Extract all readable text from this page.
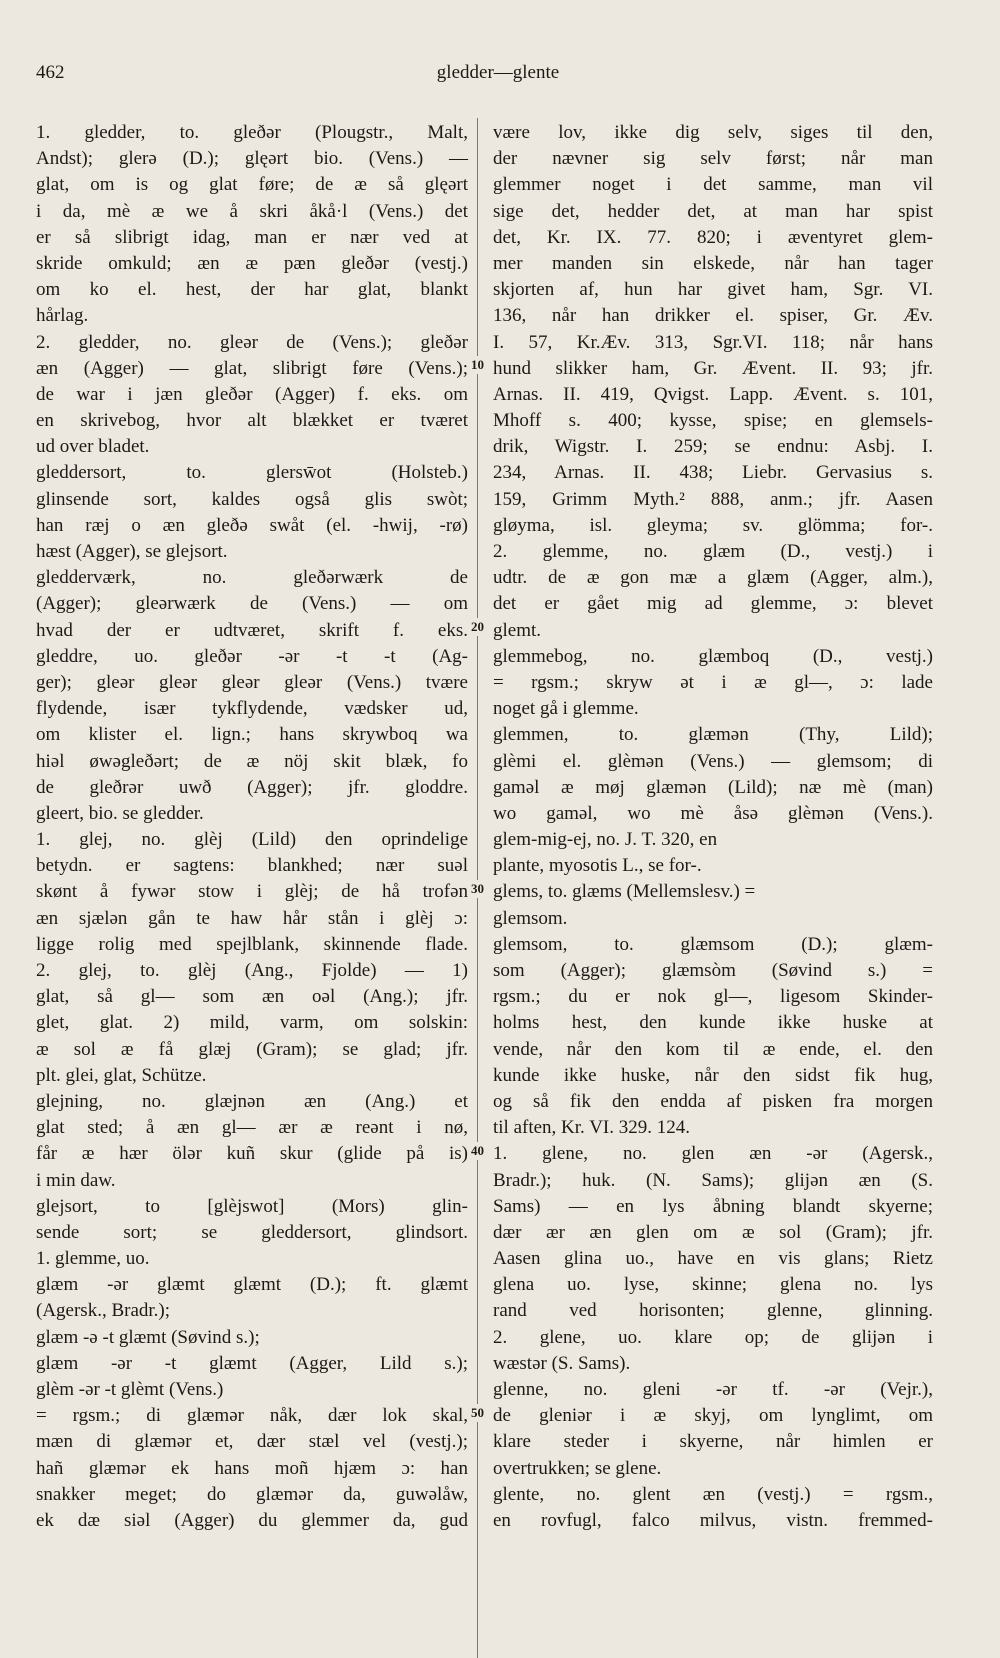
462	gledder—glente
10
20
30
40
50
1. gledder, to. gleðər (Plougstr., Malt,
Andst); glerə (D.); glęərt bio. (Vens.) —
glat, om is og glat føre; de æ så glęərt
i da, mè æ we å skri åkå·l (Vens.) det
er så slibrigt idag, man er nær ved at
skride omkuld; æn æ pæn gleðər (vestj.)
om ko el. hest, der har glat, blankt
hårlag.
2. gledder, no. gleər de (Vens.); gleðər
æn (Agger) — glat, slibrigt føre (Vens.);
de war i jæn gleðər (Agger) f. eks. om
en skrivebog, hvor alt blækket er tværet
ud over bladet.
gleddersort, to. glersw̄ot (Holsteb.)
glinsende sort, kaldes også glis swòt;
han ræj o æn gleðə swåt (el. -hwij, -rø)
hæst (Agger), se glejsort.
gledderværk, no. gleðərwærk de
(Agger); gleərwærk de (Vens.) — om
hvad der er udtværet, skrift f. eks.
gleddre, uo. gleðər -ər -t -t (Ag-
ger); gleər gleər gleər gleər (Vens.) tvære
flydende, især tykflydende, vædsker ud,
om klister el. lign.; hans skrywboq wa
hiəl øwəgleðərt; de æ nöj skit blæk, fo
de gleðrər uwð (Agger); jfr. gloddre.
gleert, bio. se gledder.
1. glej, no. glèj (Lild) den oprindelige
betydn. er sagtens: blankhed; nær suəl
skønt å fywər stow i glèj; de hå trofən
æn sjælən gån te haw hår stån i glèj ɔ:
ligge rolig med spejlblank, skinnende flade.
2. glej, to. glèj (Ang., Fjolde) — 1)
glat, så gl— som æn oəl (Ang.); jfr.
glet, glat. 2) mild, varm, om solskin:
æ sol æ få glæj (Gram); se glad; jfr.
plt. glei, glat, Schütze.
glejning, no. glæjnən æn (Ang.) et
glat sted; å æn gl— ær æ reənt i nø,
får æ hær ölər kuñ skur (glide på is)
i min daw.
glejsort, to [glèjswot] (Mors) glin-
sende sort; se gleddersort, glindsort.
1. glemme, uo.
glæm -ər glæmt glæmt (D.); ft. glæmt
(Agersk., Bradr.);
glæm -ə -t glæmt (Søvind s.);
glæm -ər -t glæmt (Agger, Lild s.);
glèm -ər -t glèmt (Vens.)
= rgsm.; di glæmər nåk, dær lok skal,
mæn di glæmər et, dær stæl vel (vestj.);
hañ glæmər ek hans moñ hjæm ɔ: han
snakker meget; do glæmər da, guwəlåw,
ek dæ siəl (Agger) du glemmer da, gud
være lov, ikke dig selv, siges til den,
der nævner sig selv først; når man
glemmer noget i det samme, man vil
sige det, hedder det, at man har spist
det, Kr. IX. 77. 820; i æventyret glem-
mer manden sin elskede, når han tager
skjorten af, hun har givet ham, Sgr. VI.
136, når han drikker el. spiser, Gr. Æv.
I. 57, Kr.Æv. 313, Sgr.VI. 118; når hans
hund slikker ham, Gr. Ævent. II. 93; jfr.
Arnas. II. 419, Qvigst. Lapp. Ævent. s. 101,
Mhoff s. 400; kysse, spise; en glemsels-
drik, Wigstr. I. 259; se endnu: Asbj. I.
234, Arnas. II. 438; Liebr. Gervasius s.
159, Grimm Myth.² 888, anm.; jfr. Aasen
gløyma, isl. gleyma; sv. glömma; for-.
2. glemme, no. glæm (D., vestj.) i
udtr. de æ gon mæ a glæm (Agger, alm.),
det er gået mig ad glemme, ɔ: blevet
glemt.
glemmebog, no. glæmboq (D., vestj.)
= rgsm.; skryw ət i æ gl—, ɔ: lade
noget gå i glemme.
glemmen, to. glæmən (Thy, Lild);
glèmi el. glèmən (Vens.) — glemsom; di
gaməl æ møj glæmən (Lild); næ mè (man)
wo gaməl, wo mè åsə glèmən (Vens.).
glem-mig-ej, no. J. T. 320, en
plante, myosotis L., se for-.
glems, to. glæms (Mellemslesv.) =
glemsom.
glemsom, to. glæmsom (D.); glæm-
som (Agger); glæmsòm (Søvind s.) =
rgsm.; du er nok gl—, ligesom Skinder-
holms hest, den kunde ikke huske at
vende, når den kom til æ ende, el. den
kunde ikke huske, når den sidst fik hug,
og så fik den endda af pisken fra morgen
til aften, Kr. VI. 329. 124.
1. glene, no. glen æn -ər (Agersk.,
Bradr.); huk. (N. Sams); glijən æn (S.
Sams) — en lys åbning blandt skyerne;
dær ær æn glen om æ sol (Gram); jfr.
Aasen glina uo., have en vis glans; Rietz
glena uo. lyse, skinne; glena no. lys
rand ved horisonten; glenne, glinning.
2. glene, uo. klare op; de glijən i
wæstər (S. Sams).
glenne, no. gleni -ər tf. -ər (Vejr.),
de gleniər i æ skyj, om lynglimt, om
klare steder i skyerne, når himlen er
overtrukken; se glene.
glente, no. glent æn (vestj.) = rgsm.,
en rovfugl, falco milvus, vistn. fremmed-
